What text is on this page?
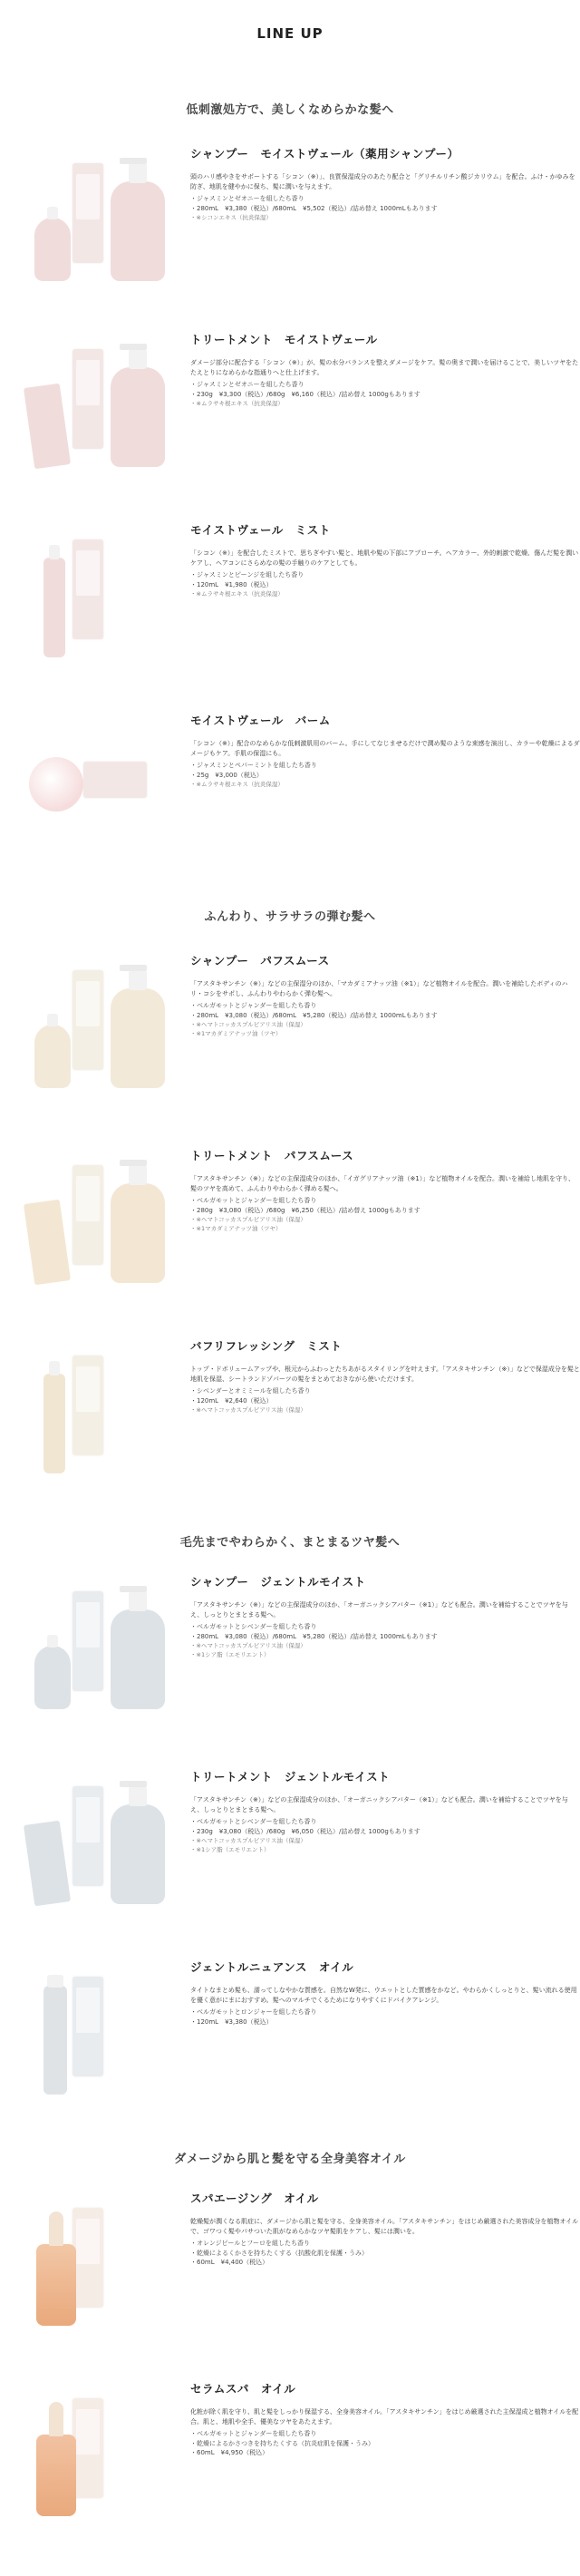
LINE UP
低刺激処方で、美しくなめらかな髪へ
シャンプー　モイストヴェール（薬用シャンプー）
頭のハリ感やきをサポートする「シコン（※）」、良質保湿成分のあたり配合と「グリチルリチン酸ジカリウム」を配合。ふけ・かゆみを防ぎ、地肌を健やかに保ち、髪に潤いを与えます。
・ジャスミンとゼオニーを組したち香り
・280mL　¥3,380（税込）/680mL　¥5,502（税込）/詰め替え 1000mLもあります
・※シコンエキス（抗炎保湿）
トリートメント　モイストヴェール
ダメージ部分に配合する「シコン（※）」が、髪の水分バランスを整えダメージをケア。髪の奥まで潤いを届けることで、美しいツヤをたたえとりになめらかな指通りへと仕上げます。
・ジャスミンとゼオニーを組したち香り
・230g　¥3,300（税込）/680g　¥6,160（税込）/詰め替え 1000gもあります
・※ムラサキ根エキス（抗炎保湿）
モイストヴェール　ミスト
「シコン（※）」を配合したミストで、思ちぎやすい髪と、地肌や髪の下部にアプローチ。ヘアカラー、外的刺激で乾燥、傷んだ髪を潤いケアし、ヘアコンにさらめなの髪の手触りのケアとしても。
・ジャスミンとピーンジを組したち香り
・120mL　¥1,980（税込）
・※ムラサキ根エキス（抗炎保湿）
モイストヴェール　バーム
「シコン（※）」配合のなめらかな低刺激肌用のバーム。手にしてなじませるだけで潤め髪のような束感を演出し、カラーや乾燥によるダメージもケア。手肌の保湿にも。
・ジャスミンとペパーミントを組したち香り
・25g　¥3,000（税込）
・※ムラサキ根エキス（抗炎保湿）
ふんわり、サラサラの弾む髪へ
シャンプー　パフスムース
「アスタキサンチン（※）」などの主保湿分のほか、「マカダミアナッツ油（※1）」など植物オイルを配合。潤いを補給したボディのハリ・コシをサポし、ふんわりやわらかく弾む髪へ。
・ベルガモットとジャンダーを組したち香り
・280mL　¥3,080（税込）/680mL　¥5,280（税込）/詰め替え 1000mLもあります
・※ヘマトコッカスプルビアリス油（保湿）
・※1マカダミアナッツ油（ツヤ）
トリートメント　パフスムース
「アスタキサンチン（※）」などの主保湿成分のほか、「イガグリアナッツ油（※1）」など植物オイルを配合。潤いを補給し地肌を守り、髪のツヤを高めて、ふんわりやわらかく弾める髪へ。
・ベルガモットとジャンダーを組したち香り
・280g　¥3,080（税込）/680g　¥6,250（税込）/詰め替え 1000gもあります
・※ヘマトコッカスプルビアリス油（保湿）
・※1マカダミアナッツ油（ツヤ）
バフリフレッシング　ミスト
トップ・ドボリュームアップや、根元からふわっとたちあがるスタイリングを叶えます。「アスタキサンチン（※）」などで保湿成分を髪と地肌を保湿、シートランドゾパーツの髪をまとめておきながら使いただけます。
・シベンダーとオミミールを組したち香り
・120mL　¥2,640（税込）
・※ヘマトコッカスプルビアリス油（保湿）
毛先までやわらかく、まとまるツヤ髪へ
シャンプー　ジェントルモイスト
「アスタキサンチン（※）」などの主保湿成分のほか、「オーガニックシアバター（※1）」なども配合。潤いを補給することでツヤを与え、しっとりとまとまる髪へ。
・ベルガモットとシベンダーを組したち香り
・280mL　¥3,080（税込）/680mL　¥5,280（税込）/詰め替え 1000mLもあります
・※ヘマトコッカスプルビアリス油（保湿）
・※1シア脂（エモリエント）
トリートメント　ジェントルモイスト
「アスタキサンチン（※）」などの主保湿成分のほか、「オーガニックシアバター（※1）」なども配合。潤いを補給することでツヤを与え、しっとりとまとまる髪へ。
・ベルガモットとシベンダーを組したち香り
・230g　¥3,080（税込）/680g　¥6,050（税込）/詰め替え 1000gもあります
・※ヘマトコッカスプルビアリス油（保湿）
・※1シア脂（エモリエント）
ジェントルニュアンス　オイル
タイトなまとめ髪も、濡ってしなやかな質感を。自然なW発に、ウエットとした質感をかなど。やわらかくしっとりと、髪い流れる使用を優く意がにまにおすすめ。髪へのマルチでくるためになりやすくにドバイクアレンジ。
・ベルガモットとロンジャーを組したち香り
・120mL　¥3,380（税込）
ダメージから肌と髪を守る全身美容オイル
スパエージング　オイル
乾燥髪が潤くなる肌症に、ダメージから肌と髪を守る、全身美容オイル。「アスタキサンチン」をはじめ厳選された美容成分を植物オイルで、ゴワつく髪やパサついた肌がなめらかなツヤ髪肌をケアし、髪には潤いを。
・オレンジピールとフーロを組したち香り
・乾燥によるくかさを持ちたくする（抗酸化肌を保護・うみ）
・60mL　¥4,400（税込）
セラムスパ　オイル
化粧が除く肌を守り、肌と髪をしっかり保湿する、全身美容オイル。「アスタキサンチン」をはじめ厳選された主保湿成と植物オイルを配合。肌と、地肌や全手、優美なツヤをあたえます。
・ベルガモットとジャンダーを組したち香り
・乾燥によるかさつきを持ちたくする（抗炎症肌を保護・うみ）
・60mL　¥4,950（税込）
